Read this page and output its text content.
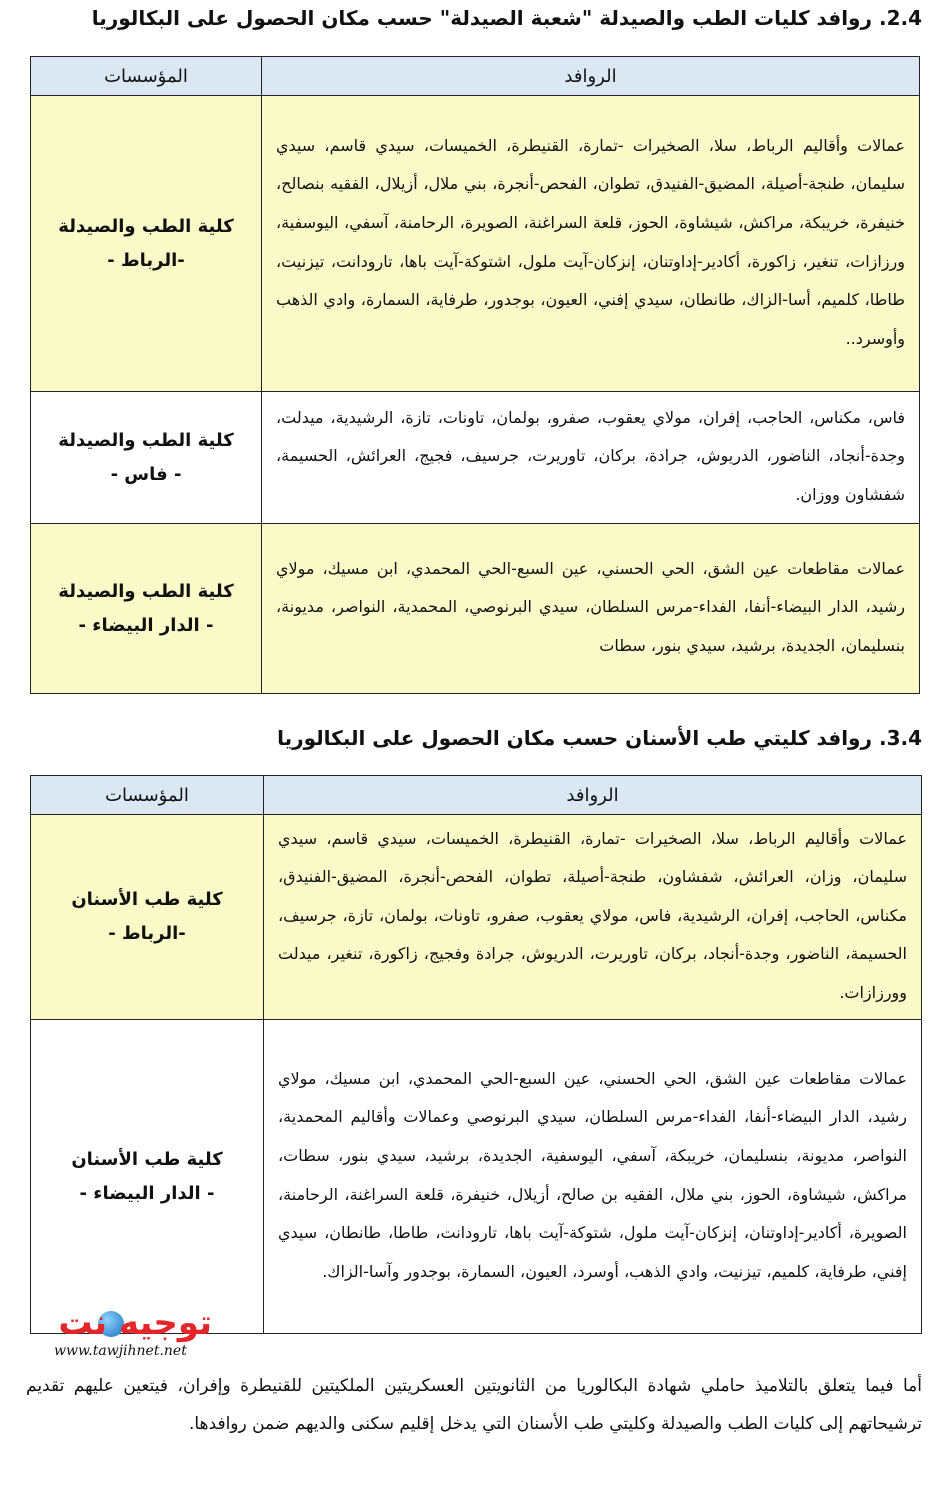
2.4. روافد كليات الطب والصيدلة "شعبة الصيدلة" حسب مكان الحصول على البكالوريا
الروافد	المؤسسات
عمالات وأقاليم الرباط، سلا، الصخيرات -تمارة، القنيطرة، الخميسات، سيدي قاسم، سيدي سليمان، طنجة-أصيلة، المضيق-الفنيدق، تطوان، الفحص-أنجرة، بني ملال، أزيلال، الفقيه بنصالح، خنيفرة، خريبكة، مراكش، شيشاوة، الحوز، قلعة السراغنة، الصويرة، الرحامنة، آسفي، اليوسفية، ورزازات، تنغير، زاكورة، أكادير-إداوتنان، إنزكان-آيت ملول، اشتوكة-آيت باها، تارودانت، تيزنيت، طاطا، كلميم، أسا-الزاك، طانطان، سيدي إفني، العيون، بوجدور، طرفاية، السمارة، وادي الذهب وأوسرد..	كلية الطب والصيدلة
-الرباط -

فاس، مكناس، الحاجب، إفران، مولاي يعقوب، صفرو، بولمان، تاونات، تازة، الرشيدية، ميدلت، وجدة-أنجاد، الناضور، الدريوش، جرادة، بركان، تاوريرت، جرسيف، فجيج، العرائش، الحسيمة، شفشاون ووزان.	كلية الطب والصيدلة
- فاس -

عمالات مقاطعات عين الشق، الحي الحسني، عين السبع-الحي المحمدي، ابن مسيك، مولاي رشيد، الدار البيضاء-أنفا، الفداء-مرس السلطان، سيدي البرنوصي، المحمدية، النواصر، مديونة، بنسليمان، الجديدة، برشيد، سيدي بنور، سطات	كلية الطب والصيدلة
- الدار البيضاء -
3.4. روافد كليتي طب الأسنان حسب مكان الحصول على البكالوريا
الروافد	المؤسسات
عمالات وأقاليم الرباط، سلا، الصخيرات -تمارة، القنيطرة، الخميسات، سيدي قاسم، سيدي سليمان، وزان، العرائش، شفشاون، طنجة-أصيلة، تطوان، الفحص-أنجرة، المضيق-الفنيدق، مكناس، الحاجب، إفران، الرشيدية، فاس، مولاي يعقوب، صفرو، تاونات، بولمان، تازة، جرسيف، الحسيمة، الناضور، وجدة-أنجاد، بركان، تاوريرت، الدريوش، جرادة وفجيج، زاكورة، تنغير، ميدلت وورزازات.	كلية طب الأسنان
-الرباط -

عمالات مقاطعات عين الشق، الحي الحسني، عين السبع-الحي المحمدي، ابن مسيك، مولاي رشيد، الدار البيضاء-أنفا، الفداء-مرس السلطان، سيدي البرنوصي وعمالات وأقاليم المحمدية، النواصر، مديونة، بنسليمان، خريبكة، آسفي، اليوسفية، الجديدة، برشيد، سيدي بنور، سطات، مراكش، شيشاوة، الحوز، بني ملال، الفقيه بن صالح، أزيلال، خنيفرة، قلعة السراغنة، الرحامنة، الصويرة، أكادير-إداوتنان، إنزكان-آيت ملول، شتوكة-آيت باها، تارودانت، طاطا، طانطان، سيدي إفني، طرفاية، كلميم، تيزنيت، وادي الذهب، أوسرد، العيون، السمارة، بوجدور وآسا-الزاك.	كلية طب الأسنان
- الدار البيضاء -
توجيه نت
www.tawjihnet.net
أما فيما يتعلق بالتلاميذ حاملي شهادة البكالوريا من الثانويتين العسكريتين الملكيتين للقنيطرة وإفران، فيتعين عليهم تقديم ترشيحاتهم إلى كليات الطب والصيدلة وكليتي طب الأسنان التي يدخل إقليم سكنى والديهم ضمن روافدها.
